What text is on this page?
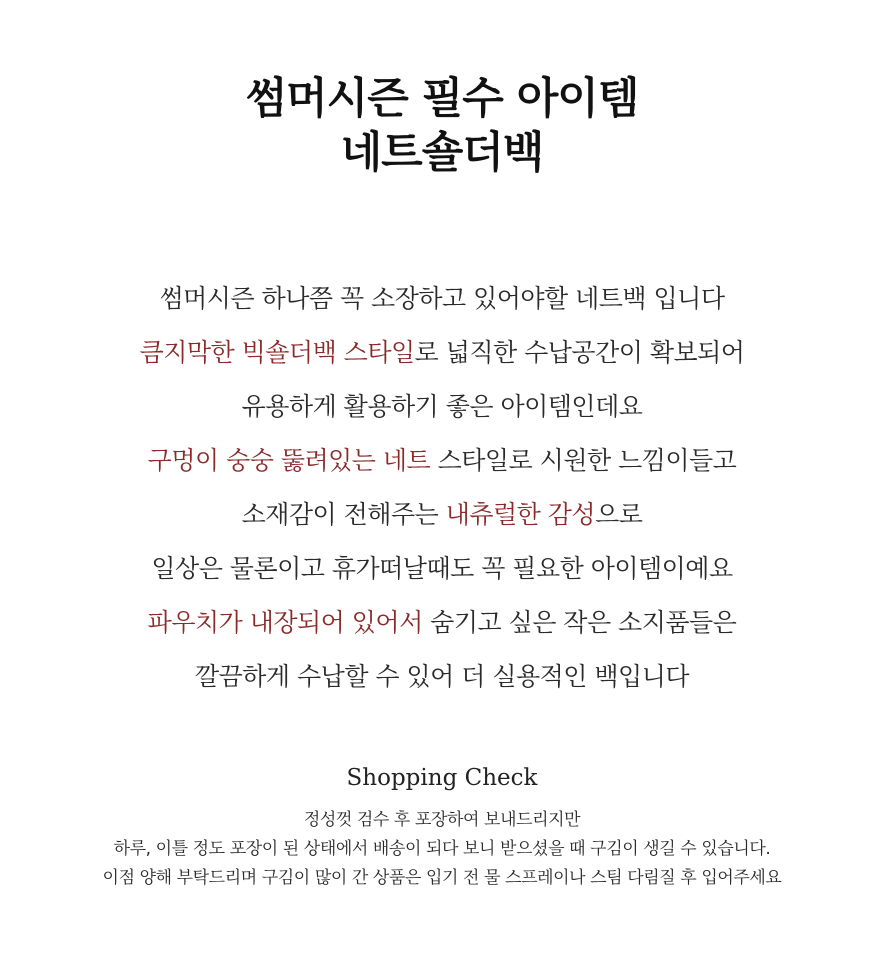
썸머시즌 필수 아이템
네트숄더백
썸머시즌 하나쯤 꼭 소장하고 있어야할 네트백 입니다
큼지막한 빅숄더백 스타일로 넓직한 수납공간이 확보되어
유용하게 활용하기 좋은 아이템인데요
구멍이 숭숭 뚫려있는 네트 스타일로 시원한 느낌이들고
소재감이 전해주는 내츄럴한 감성으로
일상은 물론이고 휴가떠날때도 꼭 필요한 아이템이예요
파우치가 내장되어 있어서 숨기고 싶은 작은 소지품들은
깔끔하게 수납할 수 있어 더 실용적인 백입니다
Shopping Check
정성껏 검수 후 포장하여 보내드리지만
하루, 이틀 정도 포장이 된 상태에서 배송이 되다 보니 받으셨을 때 구김이 생길 수 있습니다.
이점 양해 부탁드리며 구김이 많이 간 상품은 입기 전 물 스프레이나 스팀 다림질 후 입어주세요
